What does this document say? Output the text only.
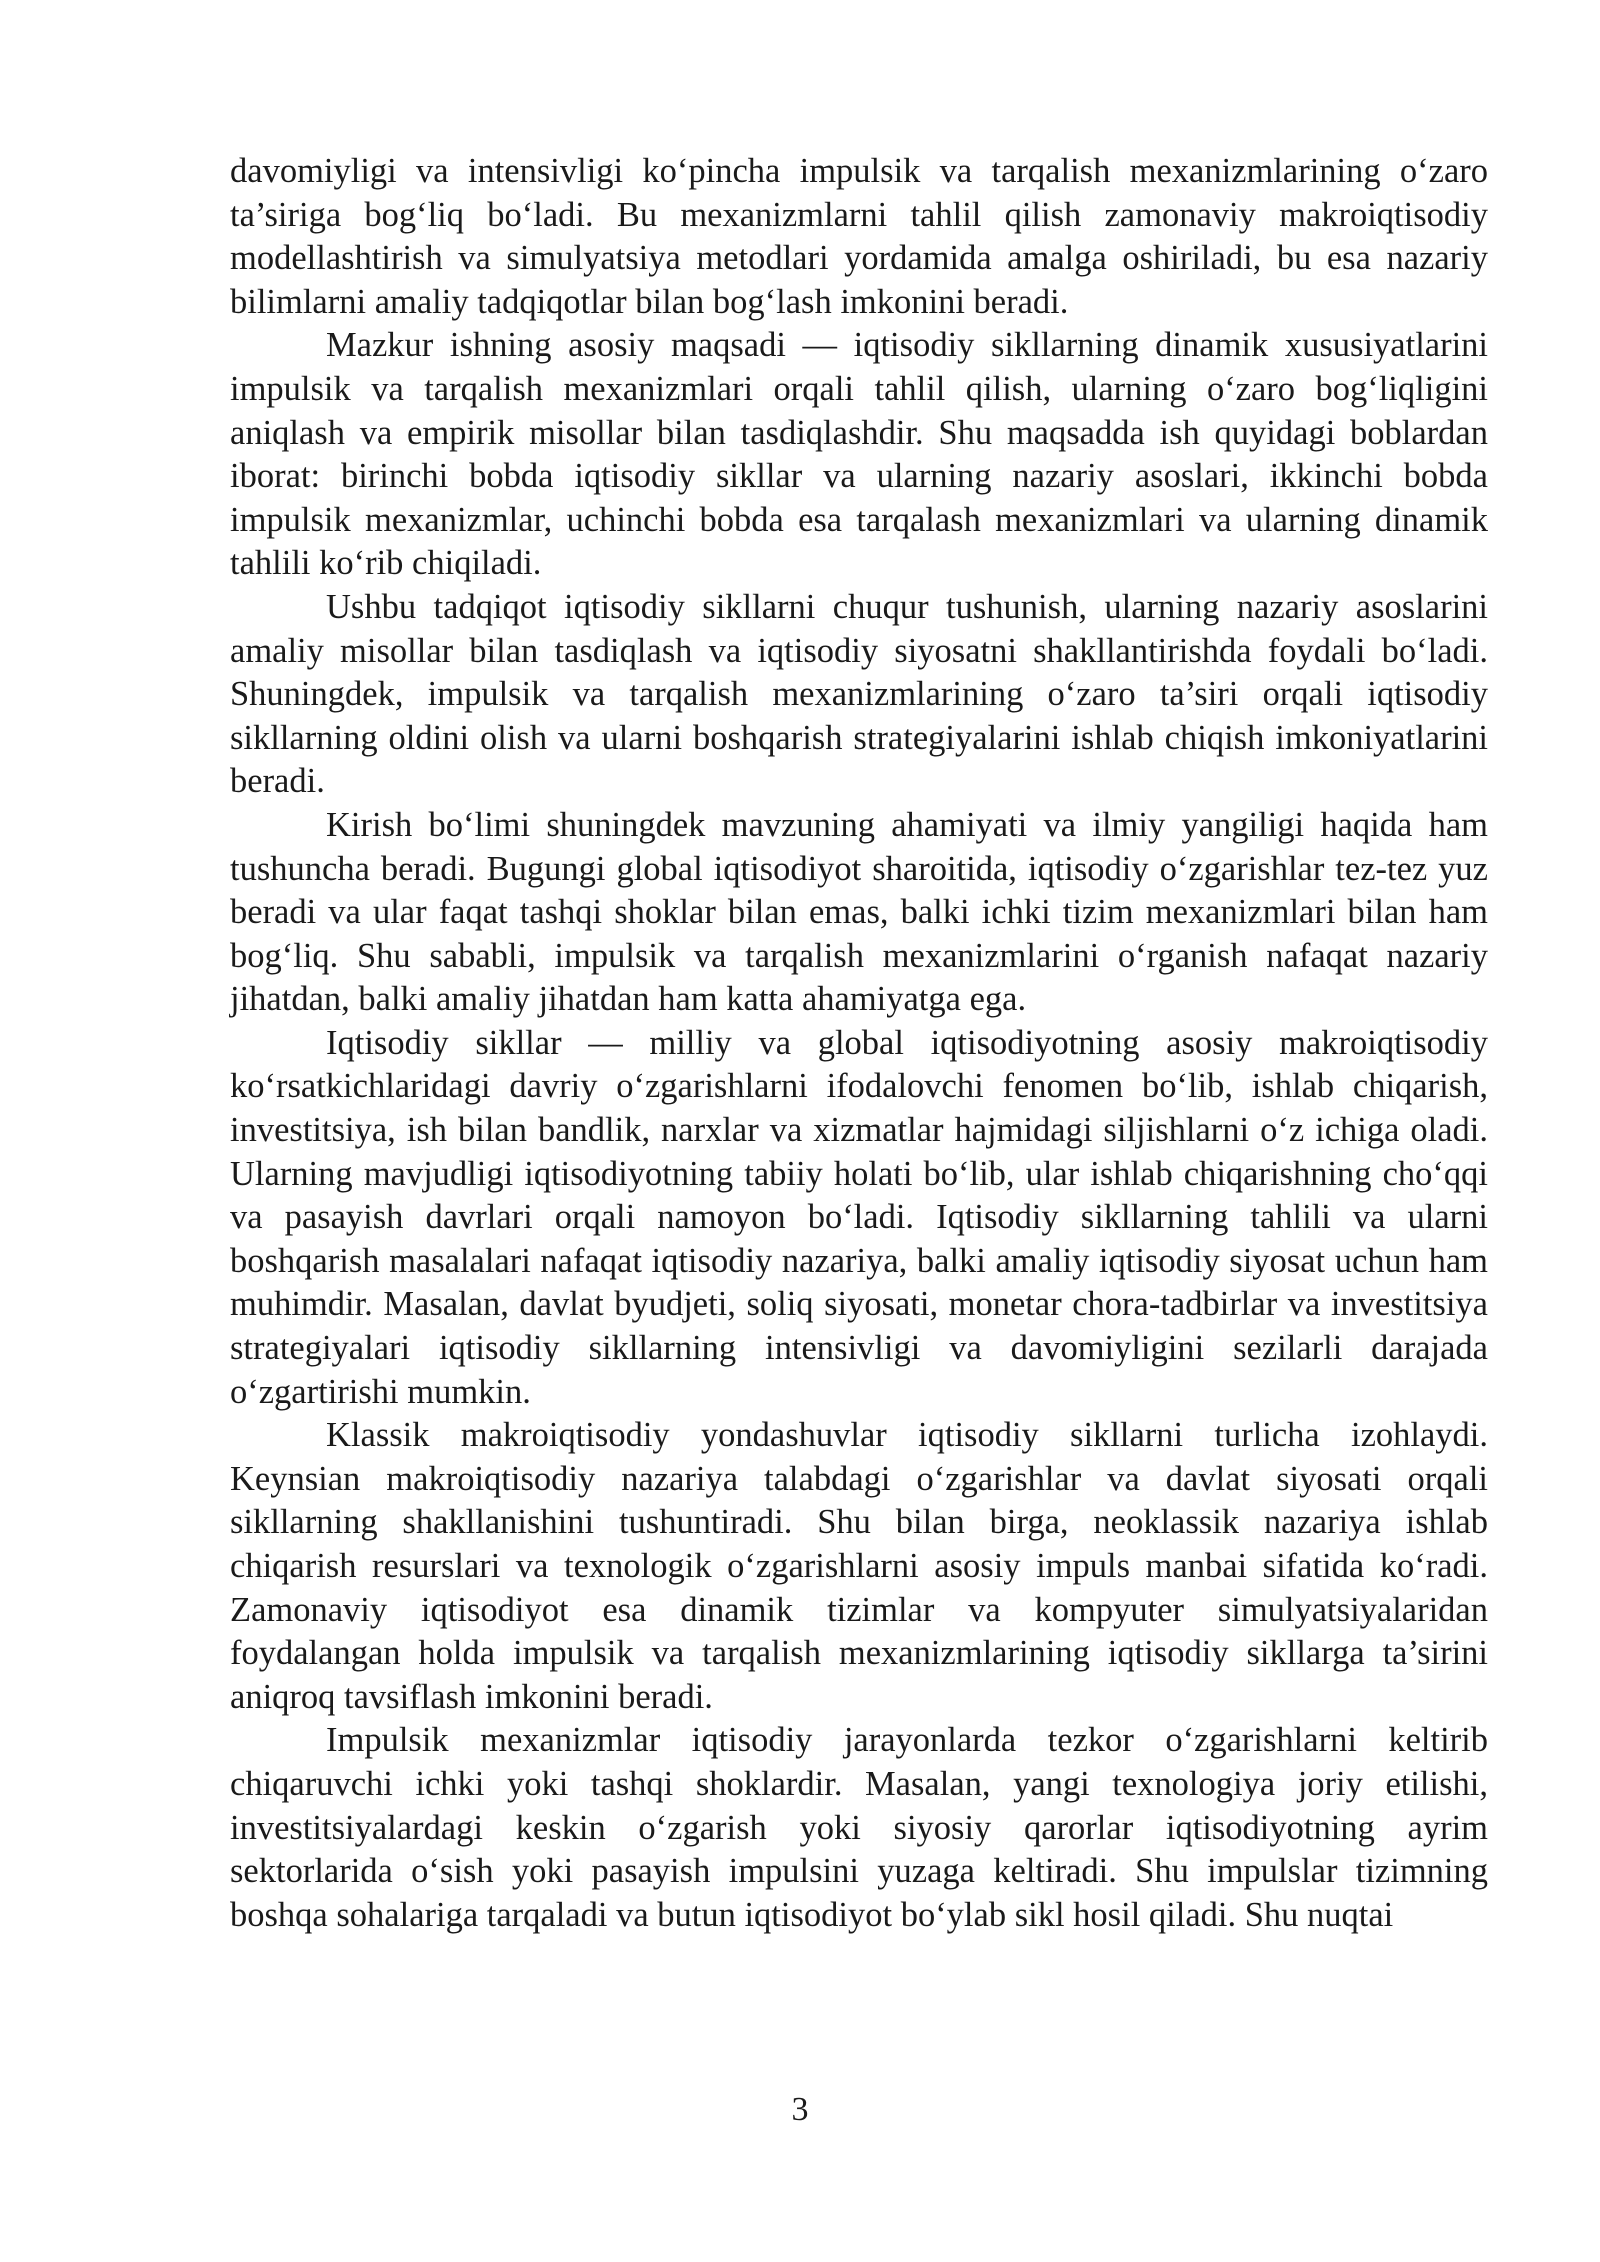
davomiyligi va intensivligi ko‘pincha impulsik va tarqalish mexanizmlarining o‘zaro ta’siriga bog‘liq bo‘ladi. Bu mexanizmlarni tahlil qilish zamonaviy makroiqtisodiy modellashtirish va simulyatsiya metodlari yordamida amalga oshiriladi, bu esa nazariy bilimlarni amaliy tadqiqotlar bilan bog‘lash imkonini beradi.

Mazkur ishning asosiy maqsadi — iqtisodiy sikllarning dinamik xususiyatlarini impulsik va tarqalish mexanizmlari orqali tahlil qilish, ularning o‘zaro bog‘liqligini aniqlash va empirik misollar bilan tasdiqlashdir. Shu maqsadda ish quyidagi boblardan iborat: birinchi bobda iqtisodiy sikllar va ularning nazariy asoslari, ikkinchi bobda impulsik mexanizmlar, uchinchi bobda esa tarqalash mexanizmlari va ularning dinamik tahlili ko‘rib chiqiladi.

Ushbu tadqiqot iqtisodiy sikllarni chuqur tushunish, ularning nazariy asoslarini amaliy misollar bilan tasdiqlash va iqtisodiy siyosatni shakllantirishda foydali bo‘ladi. Shuningdek, impulsik va tarqalish mexanizmlarining o‘zaro ta’siri orqali iqtisodiy sikllarning oldini olish va ularni boshqarish strategiyalarini ishlab chiqish imkoniyatlarini beradi.

Kirish bo‘limi shuningdek mavzuning ahamiyati va ilmiy yangiligi haqida ham tushuncha beradi. Bugungi global iqtisodiyot sharoitida, iqtisodiy o‘zgarishlar tez-tez yuz beradi va ular faqat tashqi shoklar bilan emas, balki ichki tizim mexanizmlari bilan ham bog‘liq. Shu sababli, impulsik va tarqalish mexanizmlarini o‘rganish nafaqat nazariy jihatdan, balki amaliy jihatdan ham katta ahamiyatga ega.

Iqtisodiy sikllar — milliy va global iqtisodiyotning asosiy makroiqtisodiy ko‘rsatkichlaridagi davriy o‘zgarishlarni ifodalovchi fenomen bo‘lib, ishlab chiqarish, investitsiya, ish bilan bandlik, narxlar va xizmatlar hajmidagi siljishlarni o‘z ichiga oladi. Ularning mavjudligi iqtisodiyotning tabiiy holati bo‘lib, ular ishlab chiqarishning cho‘qqi va pasayish davrlari orqali namoyon bo‘ladi. Iqtisodiy sikllarning tahlili va ularni boshqarish masalalari nafaqat iqtisodiy nazariya, balki amaliy iqtisodiy siyosat uchun ham muhimdir. Masalan, davlat byudjeti, soliq siyosati, monetar chora-tadbirlar va investitsiya strategiyalari iqtisodiy sikllarning intensivligi va davomiyligini sezilarli darajada o‘zgartirishi mumkin.

Klassik makroiqtisodiy yondashuvlar iqtisodiy sikllarni turlicha izohlaydi. Keynsian makroiqtisodiy nazariya talabdagi o‘zgarishlar va davlat siyosati orqali sikllarning shakllanishini tushuntiradi. Shu bilan birga, neoklassik nazariya ishlab chiqarish resurslari va texnologik o‘zgarishlarni asosiy impuls manbai sifatida ko‘radi. Zamonaviy iqtisodiyot esa dinamik tizimlar va kompyuter simulyatsiyalaridan foydalangan holda impulsik va tarqalish mexanizmlarining iqtisodiy sikllarga ta’sirini aniqroq tavsiflash imkonini beradi.

Impulsik mexanizmlar iqtisodiy jarayonlarda tezkor o‘zgarishlarni keltirib chiqaruvchi ichki yoki tashqi shoklardir. Masalan, yangi texnologiya joriy etilishi, investitsiyalardagi keskin o‘zgarish yoki siyosiy qarorlar iqtisodiyotning ayrim sektorlarida o‘sish yoki pasayish impulsini yuzaga keltiradi. Shu impulslar tizimning boshqa sohalariga tarqaladi va butun iqtisodiyot bo‘ylab sikl hosil qiladi. Shu nuqtai

3
